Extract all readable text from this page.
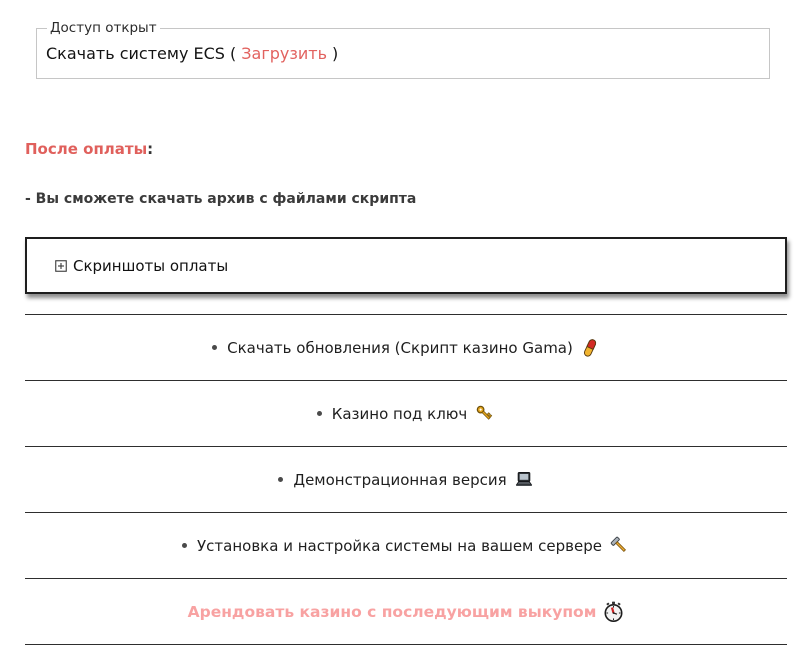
Доступ открыт
Скачать систему ECS ( Загрузить )

После оплаты:

- Вы сможете скачать архив с файлами скрипта

Скриншоты оплаты
Скачать обновления (Скрипт казино Gama)
Казино под ключ
Демонстрационная версия
Установка и настройка системы на вашем сервере
Арендовать казино с последующим выкупом
